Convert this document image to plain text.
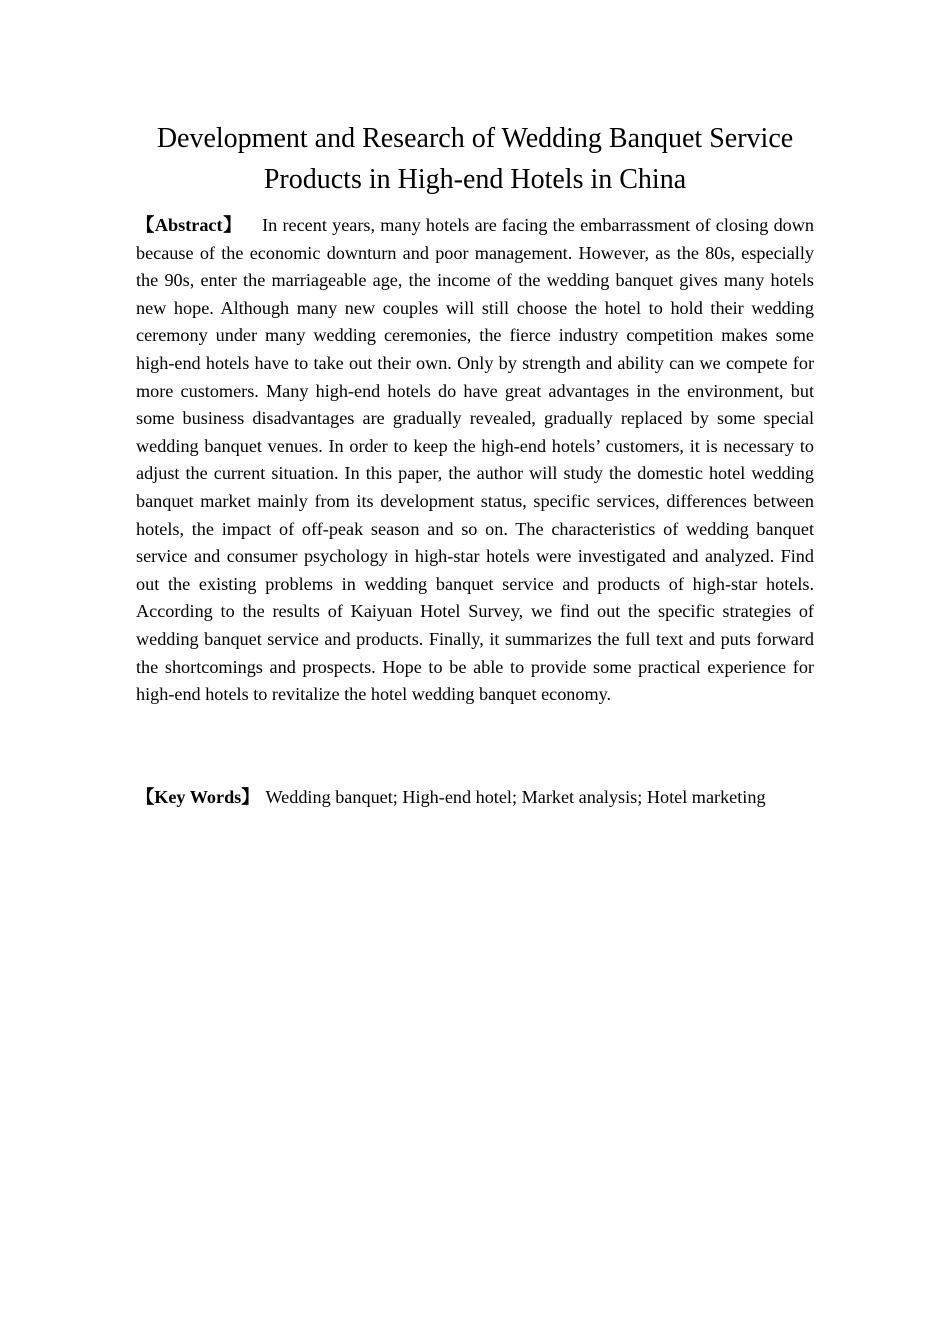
Development and Research of Wedding Banquet Service
Products in High-end Hotels in China

【Abstract】 In recent years, many hotels are facing the embarrassment of closing down because of the economic downturn and poor management. However, as the 80s, especially the 90s, enter the marriageable age, the income of the wedding banquet gives many hotels new hope. Although many new couples will still choose the hotel to hold their wedding ceremony under many wedding ceremonies, the fierce industry competition makes some high-end hotels have to take out their own. Only by strength and ability can we compete for more customers. Many high-end hotels do have great advantages in the environment, but some business disadvantages are gradually revealed, gradually replaced by some special wedding banquet venues. In order to keep the high-end hotels’ customers, it is necessary to adjust the current situation. In this paper, the author will study the domestic hotel wedding banquet market mainly from its development status, specific services, differences between hotels, the impact of off-peak season and so on. The characteristics of wedding banquet service and consumer psychology in high-star hotels were investigated and analyzed. Find out the existing problems in wedding banquet service and products of high-star hotels. According to the results of Kaiyuan Hotel Survey, we find out the specific strategies of wedding banquet service and products. Finally, it summarizes the full text and puts forward the shortcomings and prospects. Hope to be able to provide some practical experience for high-end hotels to revitalize the hotel wedding banquet economy.

【Key Words】 Wedding banquet; High-end hotel; Market analysis; Hotel marketing
